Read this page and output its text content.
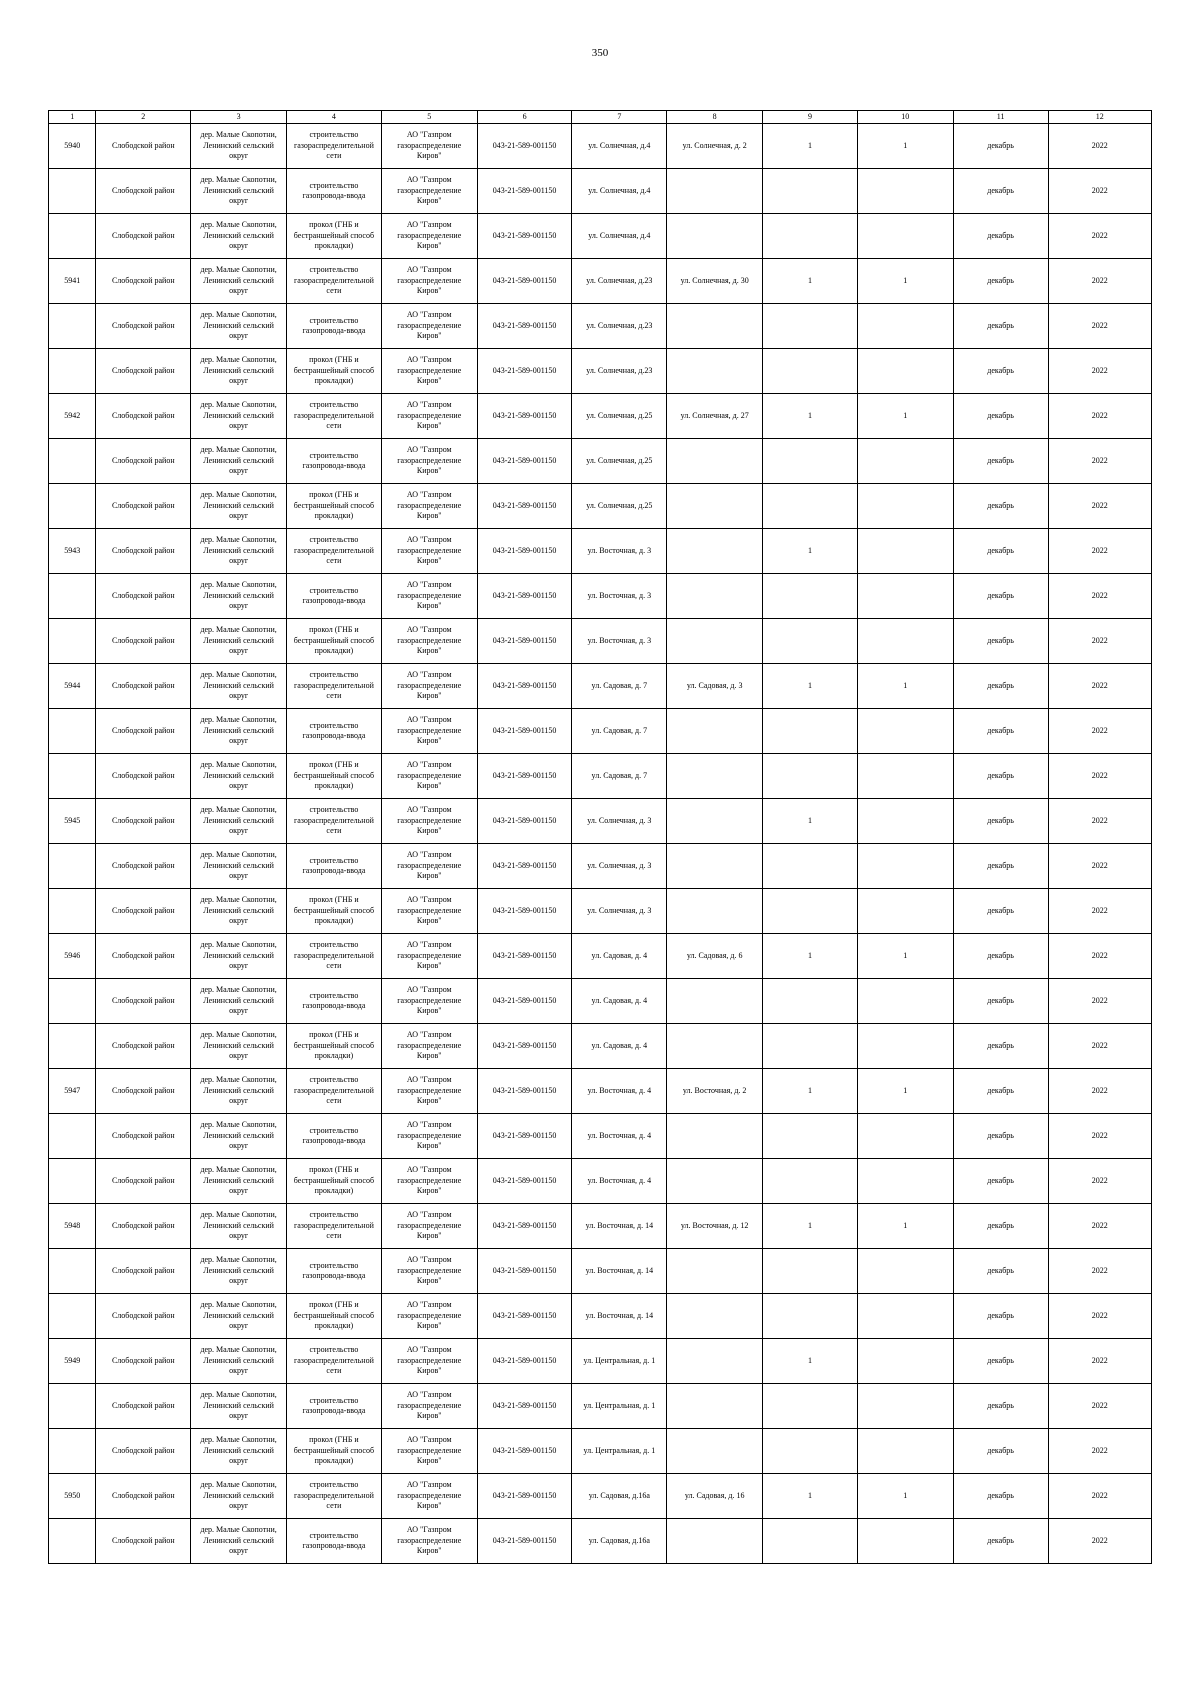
350
1	2	3	4	5	6	7	8	9	10	11	12
5940	Слободской район	дер. Малые Скопотни,
Ленинский сельский
округ	строительство
газораспределительной
сети	АО "Газпром
газораспределение
Киров"	043-21-589-001150	ул. Солнечная, д.4	ул. Солнечная, д. 2	1	1	декабрь	2022
	Слободской район	дер. Малые Скопотни,
Ленинский сельский
округ	строительство
газопровода-ввода	АО "Газпром
газораспределение
Киров"	043-21-589-001150	ул. Солнечная, д.4				декабрь	2022
	Слободской район	дер. Малые Скопотни,
Ленинский сельский
округ	прокол (ГНБ и
бестраншейный способ
прокладки)	АО "Газпром
газораспределение
Киров"	043-21-589-001150	ул. Солнечная, д.4				декабрь	2022
5941	Слободской район	дер. Малые Скопотни,
Ленинский сельский
округ	строительство
газораспределительной
сети	АО "Газпром
газораспределение
Киров"	043-21-589-001150	ул. Солнечная, д.23	ул. Солнечная, д. 30	1	1	декабрь	2022
	Слободской район	дер. Малые Скопотни,
Ленинский сельский
округ	строительство
газопровода-ввода	АО "Газпром
газораспределение
Киров"	043-21-589-001150	ул. Солнечная, д.23				декабрь	2022
	Слободской район	дер. Малые Скопотни,
Ленинский сельский
округ	прокол (ГНБ и
бестраншейный способ
прокладки)	АО "Газпром
газораспределение
Киров"	043-21-589-001150	ул. Солнечная, д.23				декабрь	2022
5942	Слободской район	дер. Малые Скопотни,
Ленинский сельский
округ	строительство
газораспределительной
сети	АО "Газпром
газораспределение
Киров"	043-21-589-001150	ул. Солнечная, д.25	ул. Солнечная, д. 27	1	1	декабрь	2022
	Слободской район	дер. Малые Скопотни,
Ленинский сельский
округ	строительство
газопровода-ввода	АО "Газпром
газораспределение
Киров"	043-21-589-001150	ул. Солнечная, д.25				декабрь	2022
	Слободской район	дер. Малые Скопотни,
Ленинский сельский
округ	прокол (ГНБ и
бестраншейный способ
прокладки)	АО "Газпром
газораспределение
Киров"	043-21-589-001150	ул. Солнечная, д.25				декабрь	2022
5943	Слободской район	дер. Малые Скопотни,
Ленинский сельский
округ	строительство
газораспределительной
сети	АО "Газпром
газораспределение
Киров"	043-21-589-001150	ул. Восточная, д. 3		1		декабрь	2022
	Слободской район	дер. Малые Скопотни,
Ленинский сельский
округ	строительство
газопровода-ввода	АО "Газпром
газораспределение
Киров"	043-21-589-001150	ул. Восточная, д. 3				декабрь	2022
	Слободской район	дер. Малые Скопотни,
Ленинский сельский
округ	прокол (ГНБ и
бестраншейный способ
прокладки)	АО "Газпром
газораспределение
Киров"	043-21-589-001150	ул. Восточная, д. 3				декабрь	2022
5944	Слободской район	дер. Малые Скопотни,
Ленинский сельский
округ	строительство
газораспределительной
сети	АО "Газпром
газораспределение
Киров"	043-21-589-001150	ул. Садовая, д. 7	ул. Садовая, д. 3	1	1	декабрь	2022
	Слободской район	дер. Малые Скопотни,
Ленинский сельский
округ	строительство
газопровода-ввода	АО "Газпром
газораспределение
Киров"	043-21-589-001150	ул. Садовая, д. 7				декабрь	2022
	Слободской район	дер. Малые Скопотни,
Ленинский сельский
округ	прокол (ГНБ и
бестраншейный способ
прокладки)	АО "Газпром
газораспределение
Киров"	043-21-589-001150	ул. Садовая, д. 7				декабрь	2022
5945	Слободской район	дер. Малые Скопотни,
Ленинский сельский
округ	строительство
газораспределительной
сети	АО "Газпром
газораспределение
Киров"	043-21-589-001150	ул. Солнечная, д. 3		1		декабрь	2022
	Слободской район	дер. Малые Скопотни,
Ленинский сельский
округ	строительство
газопровода-ввода	АО "Газпром
газораспределение
Киров"	043-21-589-001150	ул. Солнечная, д. 3				декабрь	2022
	Слободской район	дер. Малые Скопотни,
Ленинский сельский
округ	прокол (ГНБ и
бестраншейный способ
прокладки)	АО "Газпром
газораспределение
Киров"	043-21-589-001150	ул. Солнечная, д. 3				декабрь	2022
5946	Слободской район	дер. Малые Скопотни,
Ленинский сельский
округ	строительство
газораспределительной
сети	АО "Газпром
газораспределение
Киров"	043-21-589-001150	ул. Садовая, д. 4	ул. Садовая, д. 6	1	1	декабрь	2022
	Слободской район	дер. Малые Скопотни,
Ленинский сельский
округ	строительство
газопровода-ввода	АО "Газпром
газораспределение
Киров"	043-21-589-001150	ул. Садовая, д. 4				декабрь	2022
	Слободской район	дер. Малые Скопотни,
Ленинский сельский
округ	прокол (ГНБ и
бестраншейный способ
прокладки)	АО "Газпром
газораспределение
Киров"	043-21-589-001150	ул. Садовая, д. 4				декабрь	2022
5947	Слободской район	дер. Малые Скопотни,
Ленинский сельский
округ	строительство
газораспределительной
сети	АО "Газпром
газораспределение
Киров"	043-21-589-001150	ул. Восточная, д. 4	ул. Восточная, д. 2	1	1	декабрь	2022
	Слободской район	дер. Малые Скопотни,
Ленинский сельский
округ	строительство
газопровода-ввода	АО "Газпром
газораспределение
Киров"	043-21-589-001150	ул. Восточная, д. 4				декабрь	2022
	Слободской район	дер. Малые Скопотни,
Ленинский сельский
округ	прокол (ГНБ и
бестраншейный способ
прокладки)	АО "Газпром
газораспределение
Киров"	043-21-589-001150	ул. Восточная, д. 4				декабрь	2022
5948	Слободской район	дер. Малые Скопотни,
Ленинский сельский
округ	строительство
газораспределительной
сети	АО "Газпром
газораспределение
Киров"	043-21-589-001150	ул. Восточная, д. 14	ул. Восточная, д. 12	1	1	декабрь	2022
	Слободской район	дер. Малые Скопотни,
Ленинский сельский
округ	строительство
газопровода-ввода	АО "Газпром
газораспределение
Киров"	043-21-589-001150	ул. Восточная, д. 14				декабрь	2022
	Слободской район	дер. Малые Скопотни,
Ленинский сельский
округ	прокол (ГНБ и
бестраншейный способ
прокладки)	АО "Газпром
газораспределение
Киров"	043-21-589-001150	ул. Восточная, д. 14				декабрь	2022
5949	Слободской район	дер. Малые Скопотни,
Ленинский сельский
округ	строительство
газораспределительной
сети	АО "Газпром
газораспределение
Киров"	043-21-589-001150	ул. Центральная, д. 1		1		декабрь	2022
	Слободской район	дер. Малые Скопотни,
Ленинский сельский
округ	строительство
газопровода-ввода	АО "Газпром
газораспределение
Киров"	043-21-589-001150	ул. Центральная, д. 1				декабрь	2022
	Слободской район	дер. Малые Скопотни,
Ленинский сельский
округ	прокол (ГНБ и
бестраншейный способ
прокладки)	АО "Газпром
газораспределение
Киров"	043-21-589-001150	ул. Центральная, д. 1				декабрь	2022
5950	Слободской район	дер. Малые Скопотни,
Ленинский сельский
округ	строительство
газораспределительной
сети	АО "Газпром
газораспределение
Киров"	043-21-589-001150	ул. Садовая, д.16а	ул. Садовая, д. 16	1	1	декабрь	2022
	Слободской район	дер. Малые Скопотни,
Ленинский сельский
округ	строительство
газопровода-ввода	АО "Газпром
газораспределение
Киров"	043-21-589-001150	ул. Садовая, д.16а				декабрь	2022
